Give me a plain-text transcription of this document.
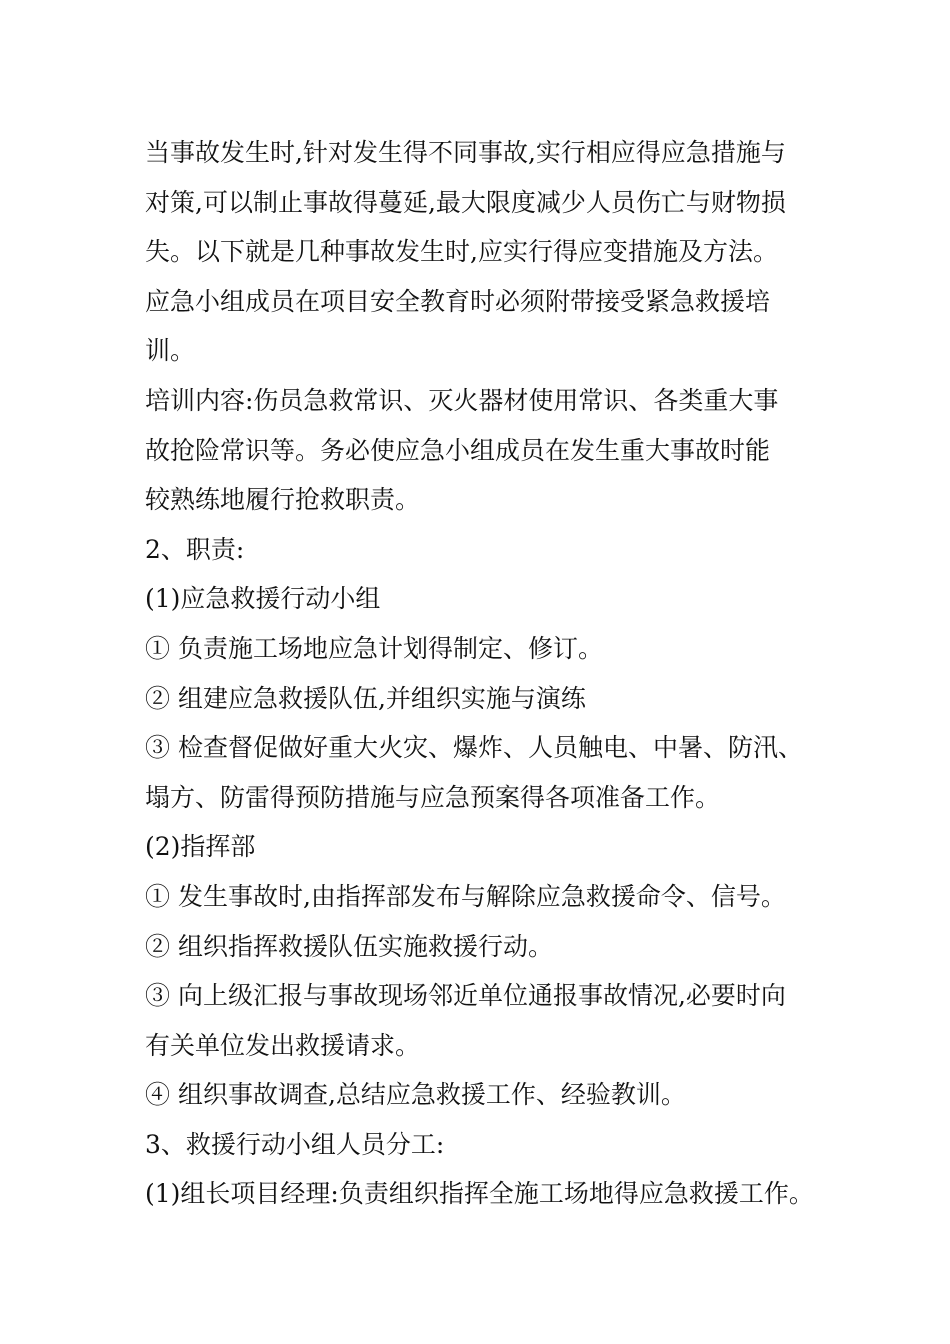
当事故发生时,针对发生得不同事故,实行相应得应急措施与
对策,可以制止事故得蔓延,最大限度减少人员伤亡与财物损
失。以下就是几种事故发生时,应实行得应变措施及方法。

应急小组成员在项目安全教育时必须附带接受紧急救援培
训。

培训内容:伤员急救常识、灭火器材使用常识、各类重大事
故抢险常识等。务必使应急小组成员在发生重大事故时能
较熟练地履行抢救职责。

2、职责:

(1)应急救援行动小组

① 负责施工场地应急计划得制定、修订。

② 组建应急救援队伍,并组织实施与演练

③ 检查督促做好重大火灾、爆炸、人员触电、中暑、防汛、
塌方、防雷得预防措施与应急预案得各项准备工作。

(2)指挥部

① 发生事故时,由指挥部发布与解除应急救援命令、信号。

② 组织指挥救援队伍实施救援行动。

③ 向上级汇报与事故现场邻近单位通报事故情况,必要时向
有关单位发出救援请求。

④ 组织事故调查,总结应急救援工作、经验教训。

3、救援行动小组人员分工:

(1)组长项目经理:负责组织指挥全施工场地得应急救援工作。
